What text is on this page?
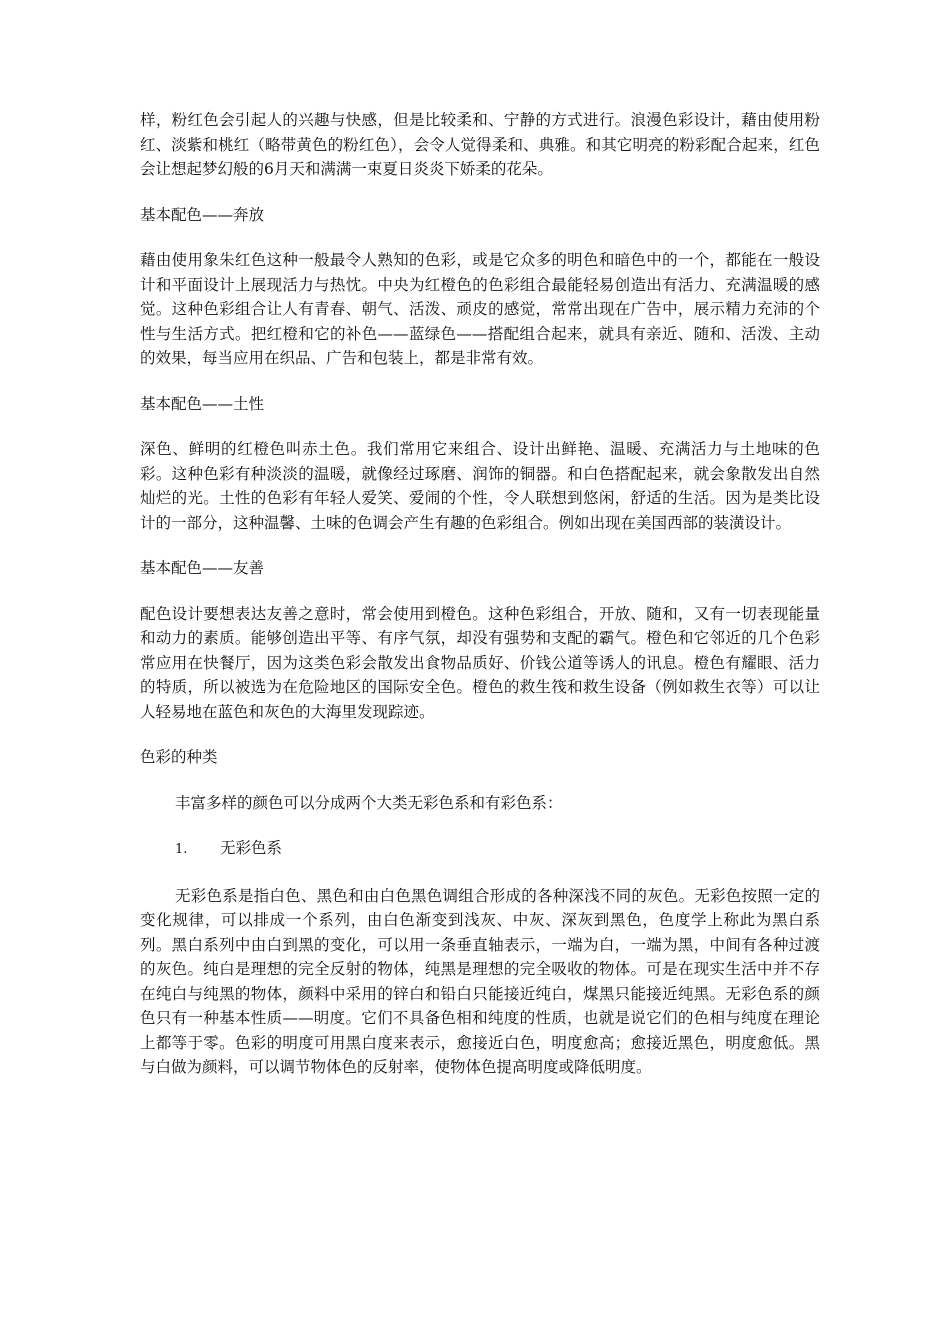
样，粉红色会引起人的兴趣与快感，但是比较柔和、宁静的方式进行。浪漫色彩设计，藉由使用粉红、淡紫和桃红（略带黄色的粉红色），会令人觉得柔和、典雅。和其它明亮的粉彩配合起来，红色会让想起梦幻般的6月天和满满一束夏日炎炎下娇柔的花朵。

基本配色——奔放

藉由使用象朱红色这种一般最令人熟知的色彩，或是它众多的明色和暗色中的一个，都能在一般设计和平面设计上展现活力与热忱。中央为红橙色的色彩组合最能轻易创造出有活力、充满温暖的感觉。这种色彩组合让人有青春、朝气、活泼、顽皮的感觉，常常出现在广告中，展示精力充沛的个性与生活方式。把红橙和它的补色——蓝绿色——搭配组合起来，就具有亲近、随和、活泼、主动的效果，每当应用在织品、广告和包装上，都是非常有效。

基本配色——土性

深色、鲜明的红橙色叫赤土色。我们常用它来组合、设计出鲜艳、温暖、充满活力与土地味的色彩。这种色彩有种淡淡的温暖，就像经过琢磨、润饰的铜器。和白色搭配起来，就会象散发出自然灿烂的光。土性的色彩有年轻人爱笑、爱闹的个性，令人联想到悠闲，舒适的生活。因为是类比设计的一部分，这种温馨、土味的色调会产生有趣的色彩组合。例如出现在美国西部的装潢设计。

基本配色——友善

配色设计要想表达友善之意时，常会使用到橙色。这种色彩组合，开放、随和，又有一切表现能量和动力的素质。能够创造出平等、有序气氛，却没有强势和支配的霸气。橙色和它邻近的几个色彩常应用在快餐厅，因为这类色彩会散发出食物品质好、价钱公道等诱人的讯息。橙色有耀眼、活力的特质，所以被选为在危险地区的国际安全色。橙色的救生筏和救生设备（例如救生衣等）可以让人轻易地在蓝色和灰色的大海里发现踪迹。

色彩的种类

丰富多样的颜色可以分成两个大类无彩色系和有彩色系：

1.	无彩色系

无彩色系是指白色、黑色和由白色黑色调组合形成的各种深浅不同的灰色。无彩色按照一定的变化规律，可以排成一个系列，由白色渐变到浅灰、中灰、深灰到黑色，色度学上称此为黑白系列。黑白系列中由白到黑的变化，可以用一条垂直轴表示，一端为白，一端为黑，中间有各种过渡的灰色。纯白是理想的完全反射的物体，纯黑是理想的完全吸收的物体。可是在现实生活中并不存在纯白与纯黑的物体，颜料中采用的锌白和铅白只能接近纯白，煤黑只能接近纯黑。无彩色系的颜色只有一种基本性质——明度。它们不具备色相和纯度的性质，也就是说它们的色相与纯度在理论上都等于零。色彩的明度可用黑白度来表示，愈接近白色，明度愈高；愈接近黑色，明度愈低。黑与白做为颜料，可以调节物体色的反射率，使物体色提高明度或降低明度。
